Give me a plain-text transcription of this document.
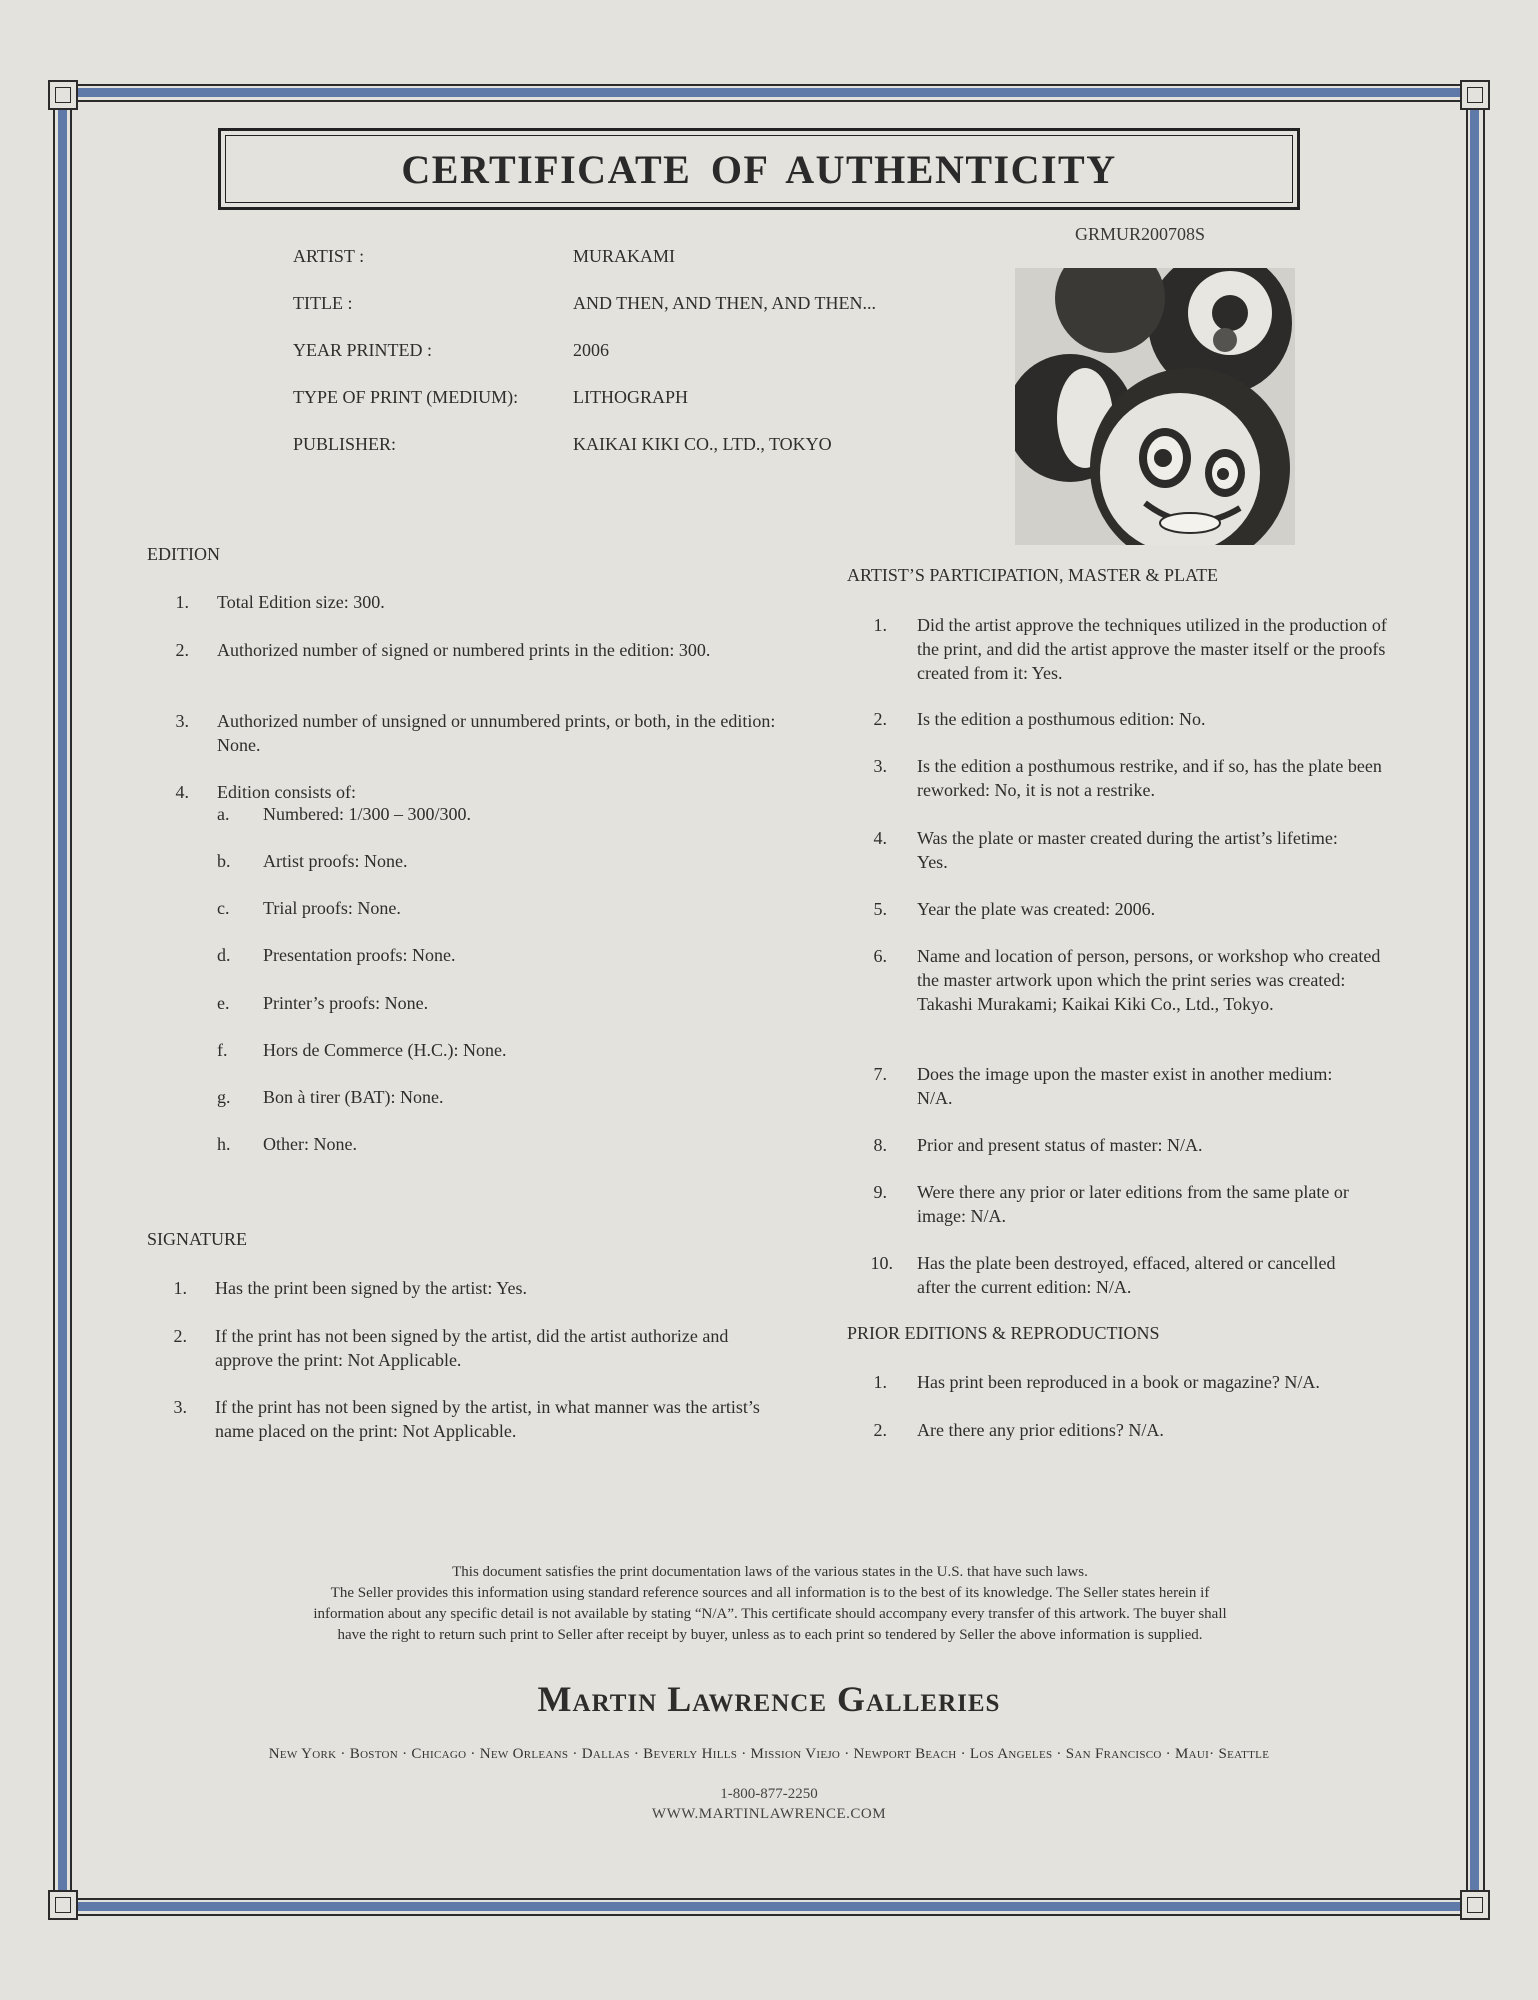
CERTIFICATE OF AUTHENTICITY
GRMUR200708S
ARTIST :	MURAKAMI
TITLE :	AND THEN, AND THEN, AND THEN...
YEAR PRINTED :	2006
TYPE OF PRINT (MEDIUM):	LITHOGRAPH
PUBLISHER:	KAIKAI KIKI CO., LTD., TOKYO
EDITION
1. Total Edition size: 300.
2. Authorized number of signed or numbered prints in the edition: 300.
3. Authorized number of unsigned or unnumbered prints, or both, in the edition: None.
4. Edition consists of:
a. Numbered: 1/300 – 300/300.
b. Artist proofs: None.
c. Trial proofs: None.
d. Presentation proofs: None.
e. Printer’s proofs: None.
f. Hors de Commerce (H.C.): None.
g. Bon à tirer (BAT): None.
h. Other: None.
SIGNATURE
1. Has the print been signed by the artist: Yes.
2. If the print has not been signed by the artist, did the artist authorize and approve the print: Not Applicable.
3. If the print has not been signed by the artist, in what manner was the artist’s name placed on the print: Not Applicable.
ARTIST’S PARTICIPATION, MASTER & PLATE
1. Did the artist approve the techniques utilized in the production of the print, and did the artist approve the master itself or the proofs created from it: Yes.
2. Is the edition a posthumous edition: No.
3. Is the edition a posthumous restrike, and if so, has the plate been reworked: No, it is not a restrike.
4. Was the plate or master created during the artist’s lifetime: Yes.
5. Year the plate was created: 2006.
6. Name and location of person, persons, or workshop who created the master artwork upon which the print series was created: Takashi Murakami; Kaikai Kiki Co., Ltd., Tokyo.
7. Does the image upon the master exist in another medium: N/A.
8. Prior and present status of master: N/A.
9. Were there any prior or later editions from the same plate or image: N/A.
10. Has the plate been destroyed, effaced, altered or cancelled after the current edition: N/A.
PRIOR EDITIONS & REPRODUCTIONS
1. Has print been reproduced in a book or magazine? N/A.
2. Are there any prior editions? N/A.
This document satisfies the print documentation laws of the various states in the U.S. that have such laws.
The Seller provides this information using standard reference sources and all information is to the best of its knowledge. The Seller states herein if
information about any specific detail is not available by stating “N/A”. This certificate should accompany every transfer of this artwork. The buyer shall
have the right to return such print to Seller after receipt by buyer, unless as to each print so tendered by Seller the above information is supplied.
Martin Lawrence Galleries
New York · Boston · Chicago · New Orleans · Dallas · Beverly Hills · Mission Viejo · Newport Beach · Los Angeles · San Francisco · Maui· Seattle
1-800-877-2250
WWW.MARTINLAWRENCE.COM
